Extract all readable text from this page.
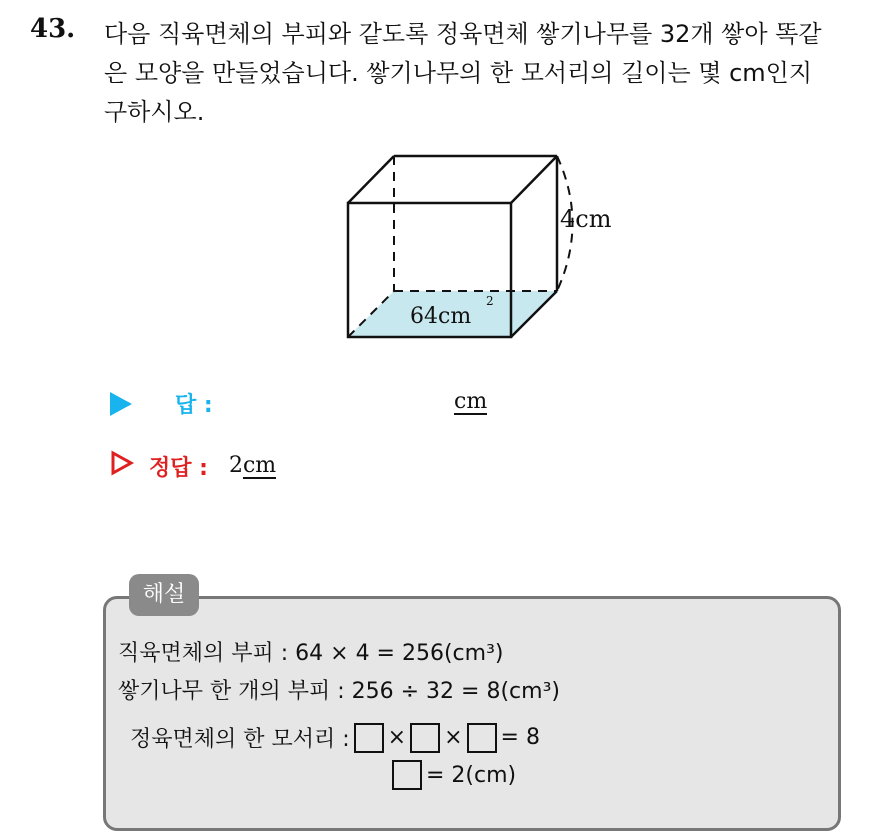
43. 다음 직육면체의 부피와 같도록 정육면체 쌓기나무를 32개 쌓아 똑같
은 모양을 만들었습니다. 쌓기나무의 한 모서리의 길이는 몇 cm인지
구하시오.
4cm
64cm
2
답 :	cm
정답 : 2cm
해설
직육면체의 부피 : 64 × 4 = 256(cm³)
쌓기나무 한 개의 부피 : 256 ÷ 32 = 8(cm³)
정육면체의 한 모서리 : × × = 8
= 2(cm)
